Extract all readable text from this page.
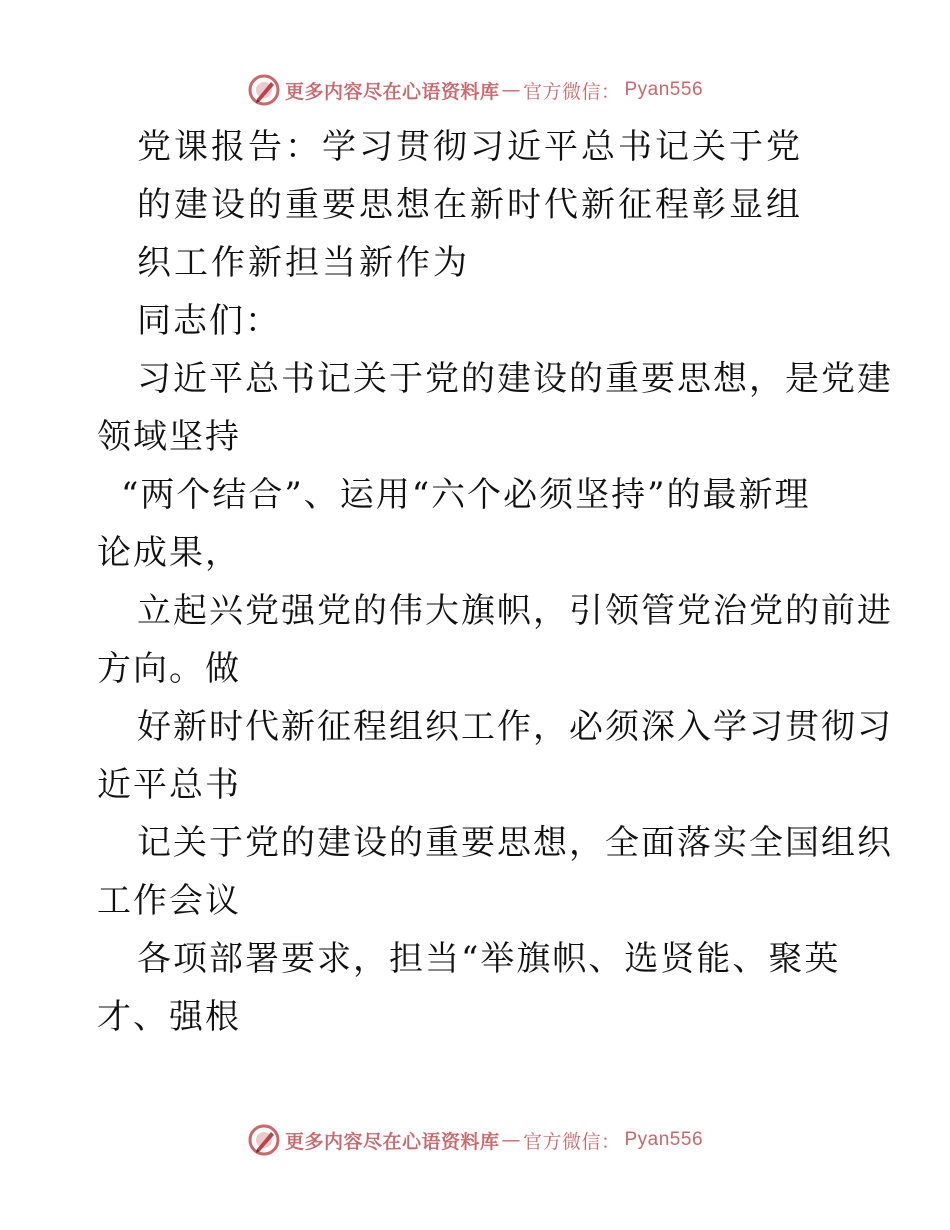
更多内容尽在心语资料库 — 官方微信： Pyan556
党课报告：学习贯彻习近平总书记关于党
的建设的重要思想在新时代新征程彰显组
织工作新担当新作为
同志们：
习近平总书记关于党的建设的重要思想，是党建
领域坚持
“两个结合”、运用“六个必须坚持”的最新理
论成果，
立起兴党强党的伟大旗帜，引领管党治党的前进
方向。做
好新时代新征程组织工作，必须深入学习贯彻习
近平总书
记关于党的建设的重要思想，全面落实全国组织
工作会议
各项部署要求，担当“举旗帜、选贤能、聚英
才、强根
更多内容尽在心语资料库 — 官方微信： Pyan556
